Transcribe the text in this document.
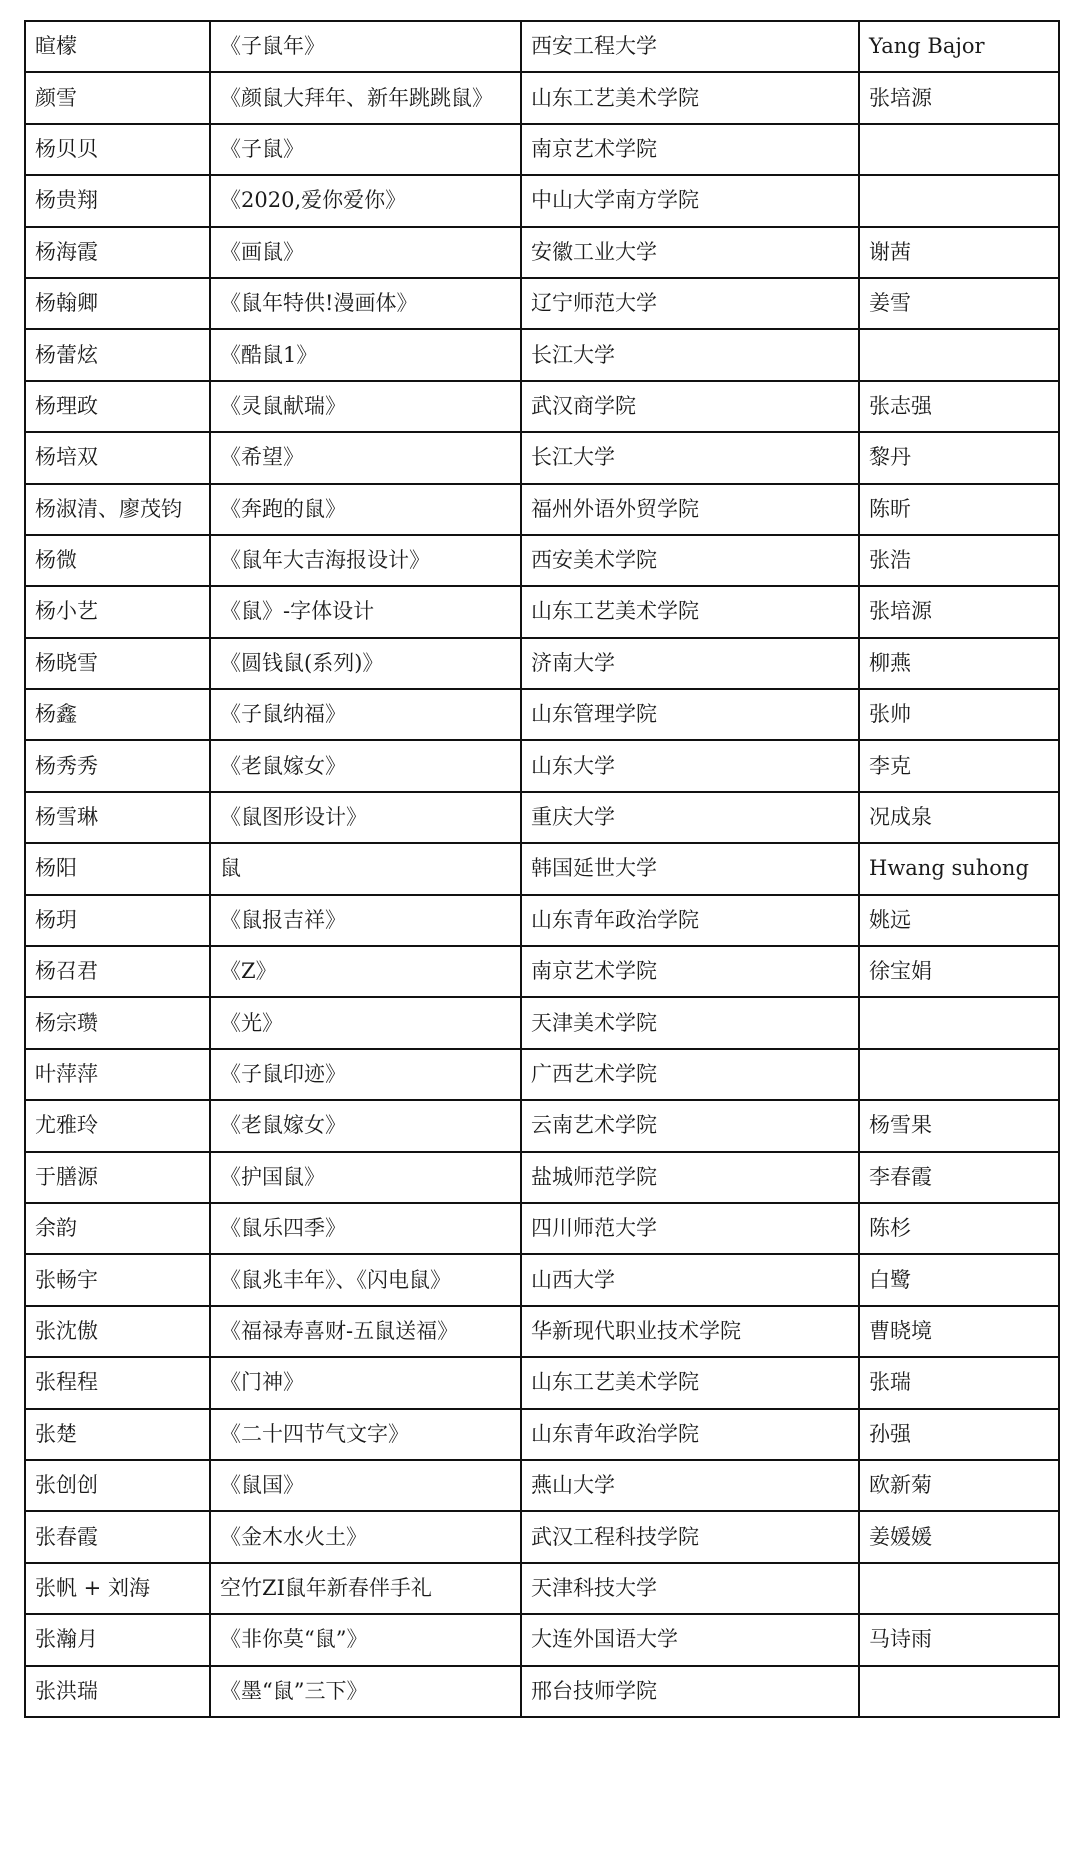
暄檬	《子鼠年》	西安工程大学	Yang Bajor
颜雪	《颜鼠大拜年、新年跳跳鼠》	山东工艺美术学院	张培源
杨贝贝	《子鼠》	南京艺术学院	
杨贵翔	《2020,爱你爱你》	中山大学南方学院	
杨海霞	《画鼠》	安徽工业大学	谢茜
杨翰卿	《鼠年特供!漫画体》	辽宁师范大学	姜雪
杨蕾炫	《酷鼠1》	长江大学	
杨理政	《灵鼠献瑞》	武汉商学院	张志强
杨培双	《希望》	长江大学	黎丹
杨淑清、廖茂钧	《奔跑的鼠》	福州外语外贸学院	陈昕
杨微	《鼠年大吉海报设计》	西安美术学院	张浩
杨小艺	《鼠》-字体设计	山东工艺美术学院	张培源
杨晓雪	《圆钱鼠(系列)》	济南大学	柳燕
杨鑫	《子鼠纳福》	山东管理学院	张帅
杨秀秀	《老鼠嫁女》	山东大学	李克
杨雪琳	《鼠图形设计》	重庆大学	况成泉
杨阳	鼠	韩国延世大学	Hwang suhong
杨玥	《鼠报吉祥》	山东青年政治学院	姚远
杨召君	《Z》	南京艺术学院	徐宝娟
杨宗瓒	《光》	天津美术学院	
叶萍萍	《子鼠印迹》	广西艺术学院	
尤雅玲	《老鼠嫁女》	云南艺术学院	杨雪果
于膳源	《护国鼠》	盐城师范学院	李春霞
余韵	《鼠乐四季》	四川师范大学	陈杉
张畅宇	《鼠兆丰年》、《闪电鼠》	山西大学	白鹭
张沈傲	《福禄寿喜财-五鼠送福》	华新现代职业技术学院	曹晓境
张程程	《门神》	山东工艺美术学院	张瑞
张楚	《二十四节气文字》	山东青年政治学院	孙强
张创创	《鼠国》	燕山大学	欧新菊
张春霞	《金木水火土》	武汉工程科技学院	姜媛媛
张帆 + 刘海	空竹ZI鼠年新春伴手礼	天津科技大学	
张瀚月	《非你莫“鼠”》	大连外国语大学	马诗雨
张洪瑞	《墨“鼠”三下》	邢台技师学院	
